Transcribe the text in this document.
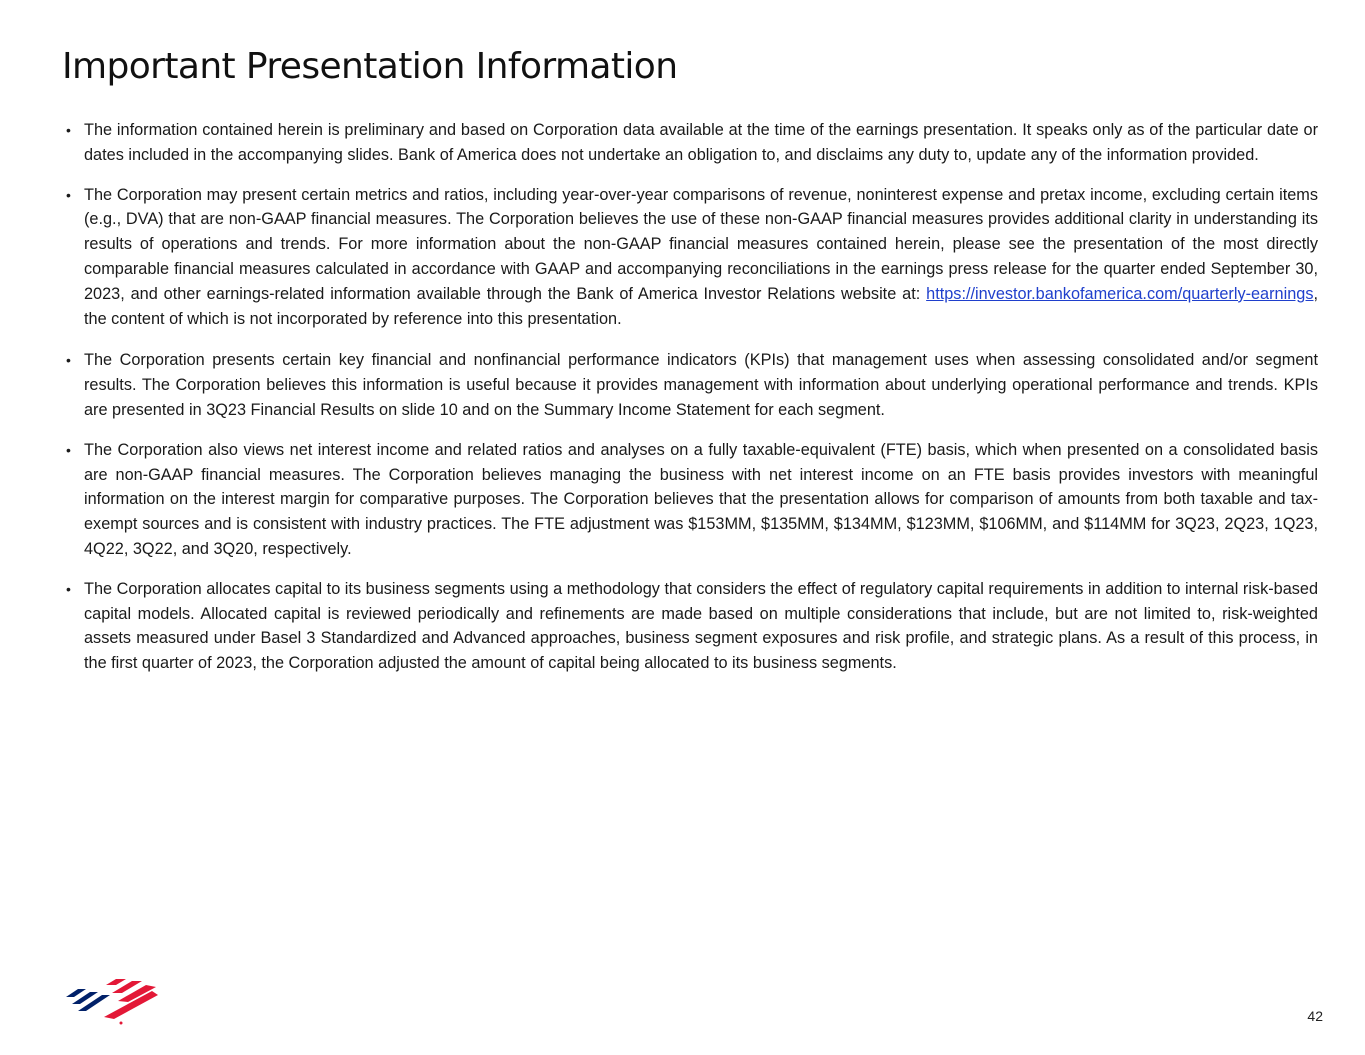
Important Presentation Information
• The information contained herein is preliminary and based on Corporation data available at the time of the earnings presentation. It speaks only as of the particular date or dates included in the accompanying slides. Bank of America does not undertake an obligation to, and disclaims any duty to, update any of the information provided.
• The Corporation may present certain metrics and ratios, including year-over-year comparisons of revenue, noninterest expense and pretax income, excluding certain items (e.g., DVA) that are non-GAAP financial measures. The Corporation believes the use of these non-GAAP financial measures provides additional clarity in understanding its results of operations and trends. For more information about the non-GAAP financial measures contained herein, please see the presentation of the most directly comparable financial measures calculated in accordance with GAAP and accompanying reconciliations in the earnings press release for the quarter ended September 30, 2023, and other earnings-related information available through the Bank of America Investor Relations website at: https://investor.bankofamerica.com/quarterly-earnings, the content of which is not incorporated by reference into this presentation.
• The Corporation presents certain key financial and nonfinancial performance indicators (KPIs) that management uses when assessing consolidated and/or segment results. The Corporation believes this information is useful because it provides management with information about underlying operational performance and trends. KPIs are presented in 3Q23 Financial Results on slide 10 and on the Summary Income Statement for each segment.
• The Corporation also views net interest income and related ratios and analyses on a fully taxable-equivalent (FTE) basis, which when presented on a consolidated basis are non-GAAP financial measures. The Corporation believes managing the business with net interest income on an FTE basis provides investors with meaningful information on the interest margin for comparative purposes. The Corporation believes that the presentation allows for comparison of amounts from both taxable and tax-exempt sources and is consistent with industry practices. The FTE adjustment was $153MM, $135MM, $134MM, $123MM, $106MM, and $114MM for 3Q23, 2Q23, 1Q23, 4Q22, 3Q22, and 3Q20, respectively.
• The Corporation allocates capital to its business segments using a methodology that considers the effect of regulatory capital requirements in addition to internal risk-based capital models. Allocated capital is reviewed periodically and refinements are made based on multiple considerations that include, but are not limited to, risk-weighted assets measured under Basel 3 Standardized and Advanced approaches, business segment exposures and risk profile, and strategic plans. As a result of this process, in the first quarter of 2023, the Corporation adjusted the amount of capital being allocated to its business segments.
42
